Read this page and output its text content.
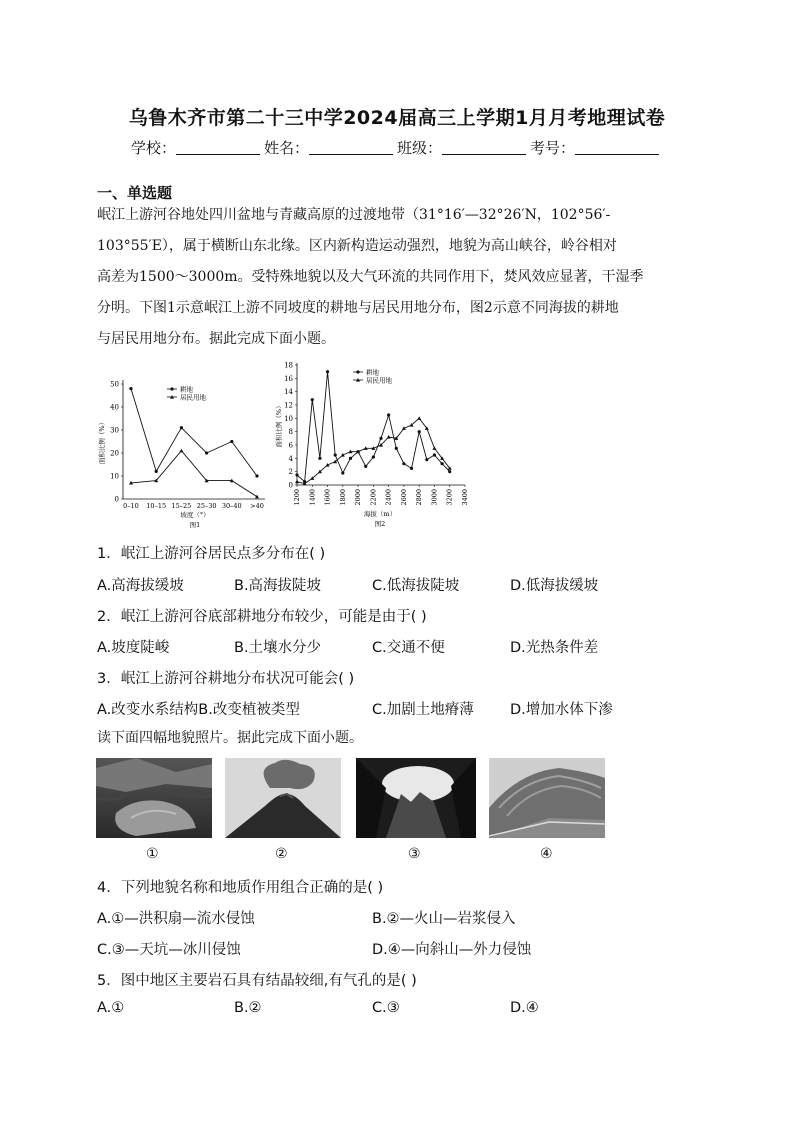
乌鲁木齐市第二十三中学2024届高三上学期1月月考地理试卷
学校：	姓名：	班级：	考号：
一、单选题
岷江上游河谷地处四川盆地与青藏高原的过渡地带（31°16′—32°26′N，102°56′-
103°55′E），属于横断山东北缘。区内新构造运动强烈，地貌为高山峡谷，岭谷相对
高差为1500～3000m。受特殊地貌以及大气环流的共同作用下，焚风效应显著，干湿季
分明。下图1示意岷江上游不同坡度的耕地与居民用地分布，图2示意不同海拔的耕地
与居民用地分布。据此完成下面小题。
0
10
20
30
40
50
0–10 10–15 15–25 25–30 30–40 >40
坡度（°）
图1
面积比例（%）
耕地
居民用地
0
2
4
6
8
10
12
14
16
18
1200 1400 1600 1800 2000 2200 2400 2600 2800 3000 3200 3400
海拔（m）
图2
面积比例（%）
耕地
居民用地
1．岷江上游河谷居民点多分布在( )
A.高海拔缓坡	B.高海拔陡坡	C.低海拔陡坡	D.低海拔缓坡
2．岷江上游河谷底部耕地分布较少，可能是由于( )
A.坡度陡峻	B.土壤水分少	C.交通不便	D.光热条件差
3．岷江上游河谷耕地分布状况可能会( )
A.改变水系结构B.改变植被类型	C.加剧土地瘠薄	D.增加水体下渗
读下面四幅地貌照片。据此完成下面小题。
①	②	③	④
4．下列地貌名称和地质作用组合正确的是( )
A.①—洪积扇—流水侵蚀	B.②—火山—岩浆侵入
C.③—天坑—冰川侵蚀	D.④—向斜山—外力侵蚀
5．图中地区主要岩石具有结晶较细,有气孔的是( )
A.①	B.②	C.③	D.④
